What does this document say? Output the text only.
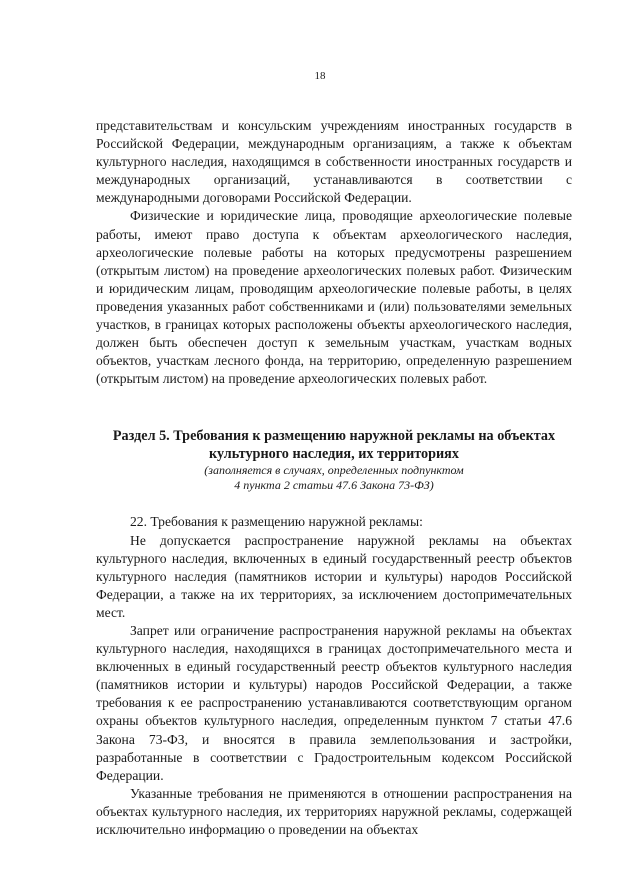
18

представительствам и консульским учреждениям иностранных государств в Российской Федерации, международным организациям, а также к объектам культурного наследия, находящимся в собственности иностранных государств и международных организаций, устанавливаются в соответствии с международными договорами Российской Федерации.

Физические и юридические лица, проводящие археологические полевые работы, имеют право доступа к объектам археологического наследия, археологические полевые работы на которых предусмотрены разрешением (открытым листом) на проведение археологических полевых работ. Физическим и юридическим лицам, проводящим археологические полевые работы, в целях проведения указанных работ собственниками и (или) пользователями земельных участков, в границах которых расположены объекты археологического наследия, должен быть обеспечен доступ к земельным участкам, участкам водных объектов, участкам лесного фонда, на территорию, определенную разрешением (открытым листом) на проведение археологических полевых работ.

Раздел 5. Требования к размещению наружной рекламы на объектах
культурного наследия, их территориях
(заполняется в случаях, определенных подпунктом
4 пункта 2 статьи 47.6 Закона 73-ФЗ)

22. Требования к размещению наружной рекламы:

Не допускается распространение наружной рекламы на объектах культурного наследия, включенных в единый государственный реестр объектов культурного наследия (памятников истории и культуры) народов Российской Федерации, а также на их территориях, за исключением достопримечательных мест.

Запрет или ограничение распространения наружной рекламы на объектах культурного наследия, находящихся в границах достопримечательного места и включенных в единый государственный реестр объектов культурного наследия (памятников истории и культуры) народов Российской Федерации, а также требования к ее распространению устанавливаются соответствующим органом охраны объектов культурного наследия, определенным пунктом 7 статьи 47.6 Закона 73-ФЗ, и вносятся в правила землепользования и застройки, разработанные в соответствии с Градостроительным кодексом Российской Федерации.

Указанные требования не применяются в отношении распространения на объектах культурного наследия, их территориях наружной рекламы, содержащей исключительно информацию о проведении на объектах
